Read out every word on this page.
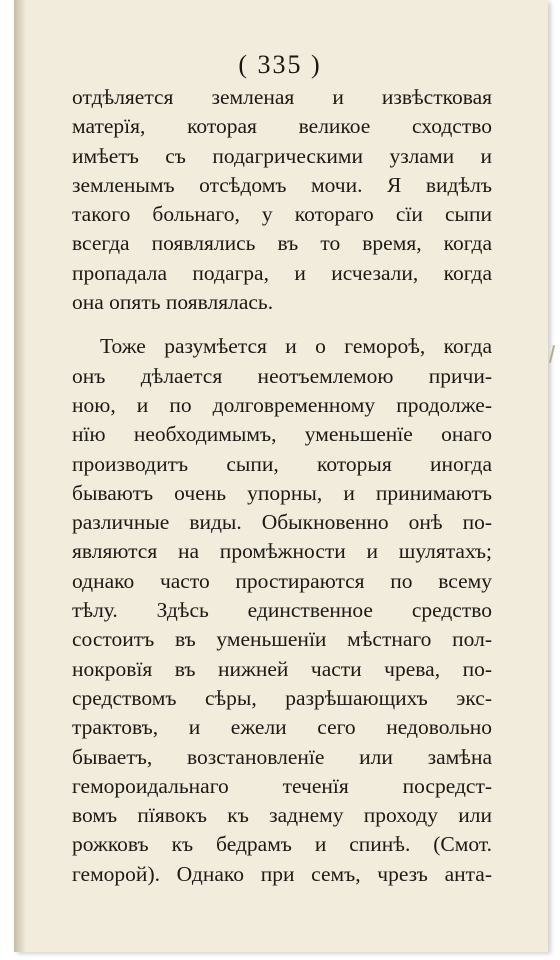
( 335 )
отдѣляется земленая и извѣстковая
матерїя, которая великое сходство
имѣетъ съ подагрическими узлами и
земленымъ отсѣдомъ мочи. Я видѣлъ
такого больнаго, у котораго сїи сыпи
всегда появлялись въ то время, когда
пропадала подагра, и исчезали, когда
она опять появлялась.
Тоже разумѣется и о гемороѣ, когда
онъ дѣлается неотъемлемою причи-
ною, и по долговременному продолже-
нїю необходимымъ, уменьшенїе онаго
производитъ сыпи, которыя иногда
бываютъ очень упорны, и принимаютъ
различные виды. Обыкновенно онѣ по-
являются на промѣжности и шулятахъ;
однако часто простираются по всему
тѣлу. Здѣсь единственное средство
состоитъ въ уменьшенїи мѣстнаго пол-
нокровїя въ нижней части чрева, по-
средствомъ сѣры, разрѣшающихъ экс-
трактовъ, и ежели сего недовольно
бываетъ, возстановленїе или замѣна
гемороидальнаго теченїя посредст-
вомъ пїявокъ къ заднему проходу или
рожковъ къ бедрамъ и спинѣ. (Смот.
геморой). Однако при семъ, чрезъ анта-
